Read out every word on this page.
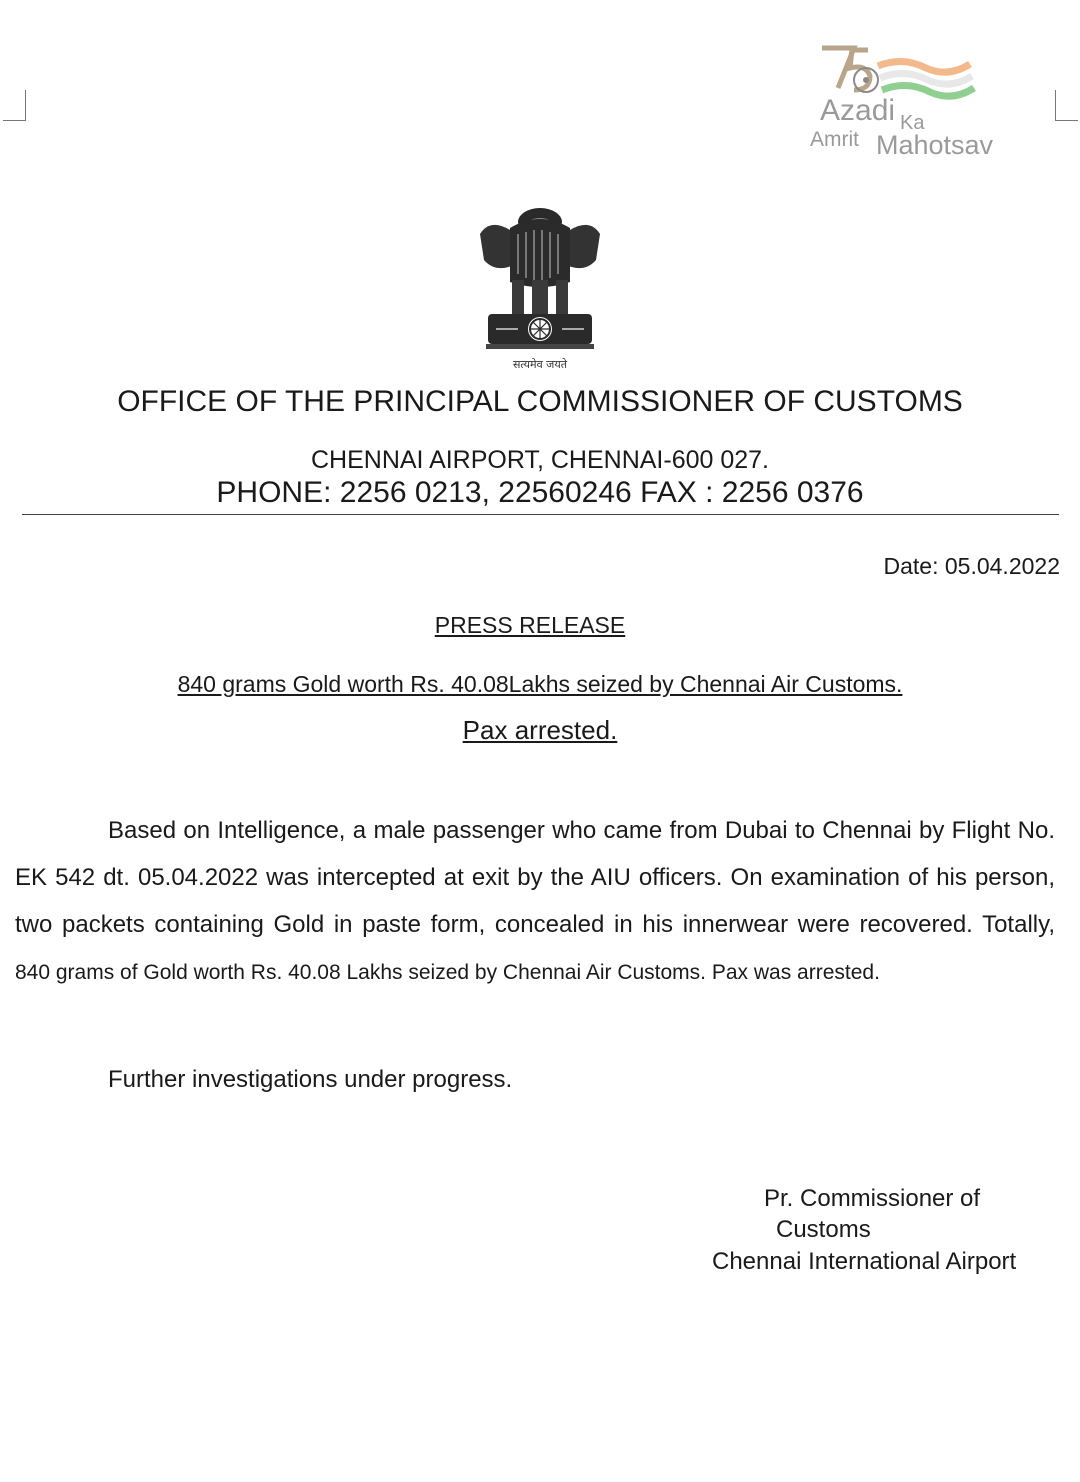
Azadi Ka
Amrit Mahotsav
सत्यमेव जयते
OFFICE OF THE PRINCIPAL COMMISSIONER OF CUSTOMS
CHENNAI AIRPORT, CHENNAI-600 027.
PHONE: 2256 0213, 22560246 FAX : 2256 0376
Date: 05.04.2022
PRESS RELEASE
840 grams Gold worth Rs. 40.08Lakhs seized by Chennai Air Customs.
Pax arrested.

Based on Intelligence, a male passenger who came from Dubai to Chennai by Flight No. EK 542 dt. 05.04.2022 was intercepted at exit by the AIU officers. On examination of his person, two packets containing Gold in paste form, concealed in his innerwear were recovered. Totally, 840 grams of Gold worth Rs. 40.08 Lakhs seized by Chennai Air Customs. Pax was arrested.

Further investigations under progress.
Pr. Commissioner of
Customs
Chennai International Airport
